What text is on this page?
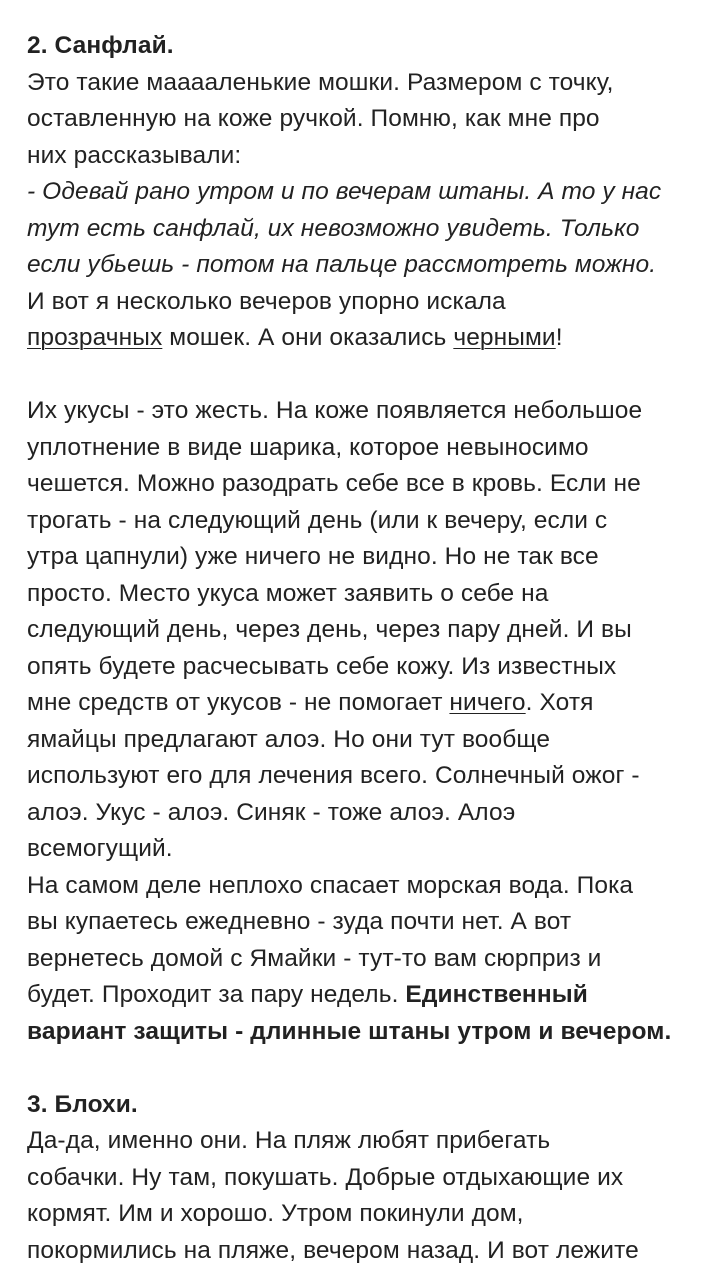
2. Санфлай.
Это такие мааааленькие мошки. Размером с точку,
оставленную на коже ручкой. Помню, как мне про
них рассказывали:
- Одевай рано утром и по вечерам штаны. А то у нас
тут есть санфлай, их невозможно увидеть. Только
если убьешь - потом на пальце рассмотреть можно.
И вот я несколько вечеров упорно искала
прозрачных мошек. А они оказались черными!
Их укусы - это жесть. На коже появляется небольшое
уплотнение в виде шарика, которое невыносимо
чешется. Можно разодрать себе все в кровь. Если не
трогать - на следующий день (или к вечеру, если с
утра цапнули) уже ничего не видно. Но не так все
просто. Место укуса может заявить о себе на
следующий день, через день, через пару дней. И вы
опять будете расчесывать себе кожу. Из известных
мне средств от укусов - не помогает ничего. Хотя
ямайцы предлагают алоэ. Но они тут вообще
используют его для лечения всего. Солнечный ожог -
алоэ. Укус - алоэ. Синяк - тоже алоэ. Алоэ
всемогущий.
На самом деле неплохо спасает морская вода. Пока
вы купаетесь ежедневно - зуда почти нет. А вот
вернетесь домой с Ямайки - тут-то вам сюрприз и
будет. Проходит за пару недель. Единственный
вариант защиты - длинные штаны утром и вечером.
3. Блохи.
Да-да, именно они. На пляж любят прибегать
собачки. Ну там, покушать. Добрые отдыхающие их
кормят. Им и хорошо. Утром покинули дом,
покормились на пляже, вечером назад. И вот лежите
